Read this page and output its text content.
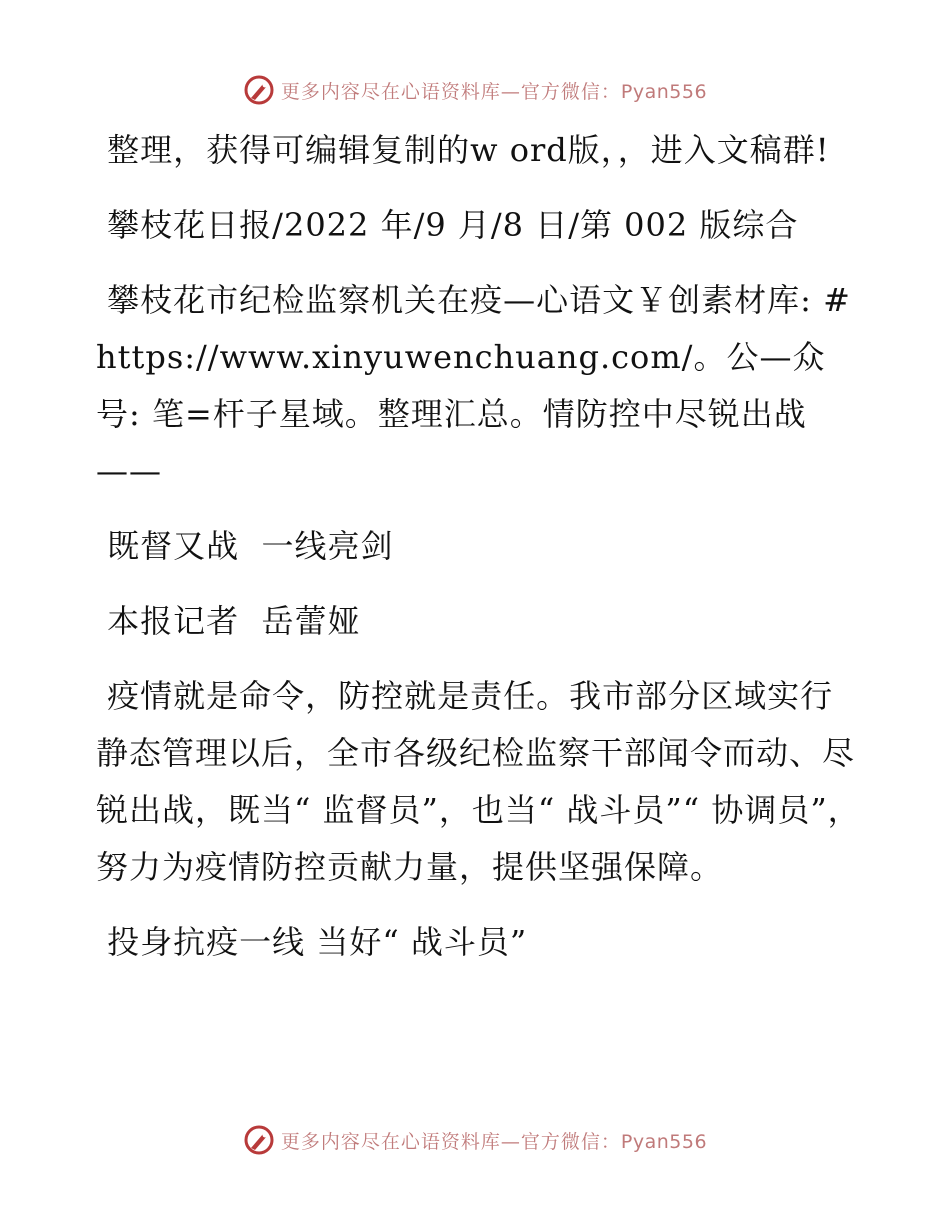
更多内容尽在心语资料库—官方微信：Pyan556

整理，获得可编辑复制的w ord版，，进入文稿群!

攀枝花日报/2022 年/9 月/8 日/第 002 版综合

攀枝花市纪检监察机关在疫—心语文￥创素材库: #https://www.xinyuwenchuang.com/。公—众号: 笔=杆子星域。整理汇总。情防控中尽锐出战——

既督又战  一线亮剑

本报记者  岳蕾娅

疫情就是命令，防控就是责任。我市部分区域实行静态管理以后，全市各级纪检监察干部闻令而动、尽锐出战，既当“ 监督员”，也当“ 战斗员”“ 协调员”，努力为疫情防控贡献力量，提供坚强保障。

投身抗疫一线 当好“ 战斗员”

更多内容尽在心语资料库—官方微信：Pyan556
